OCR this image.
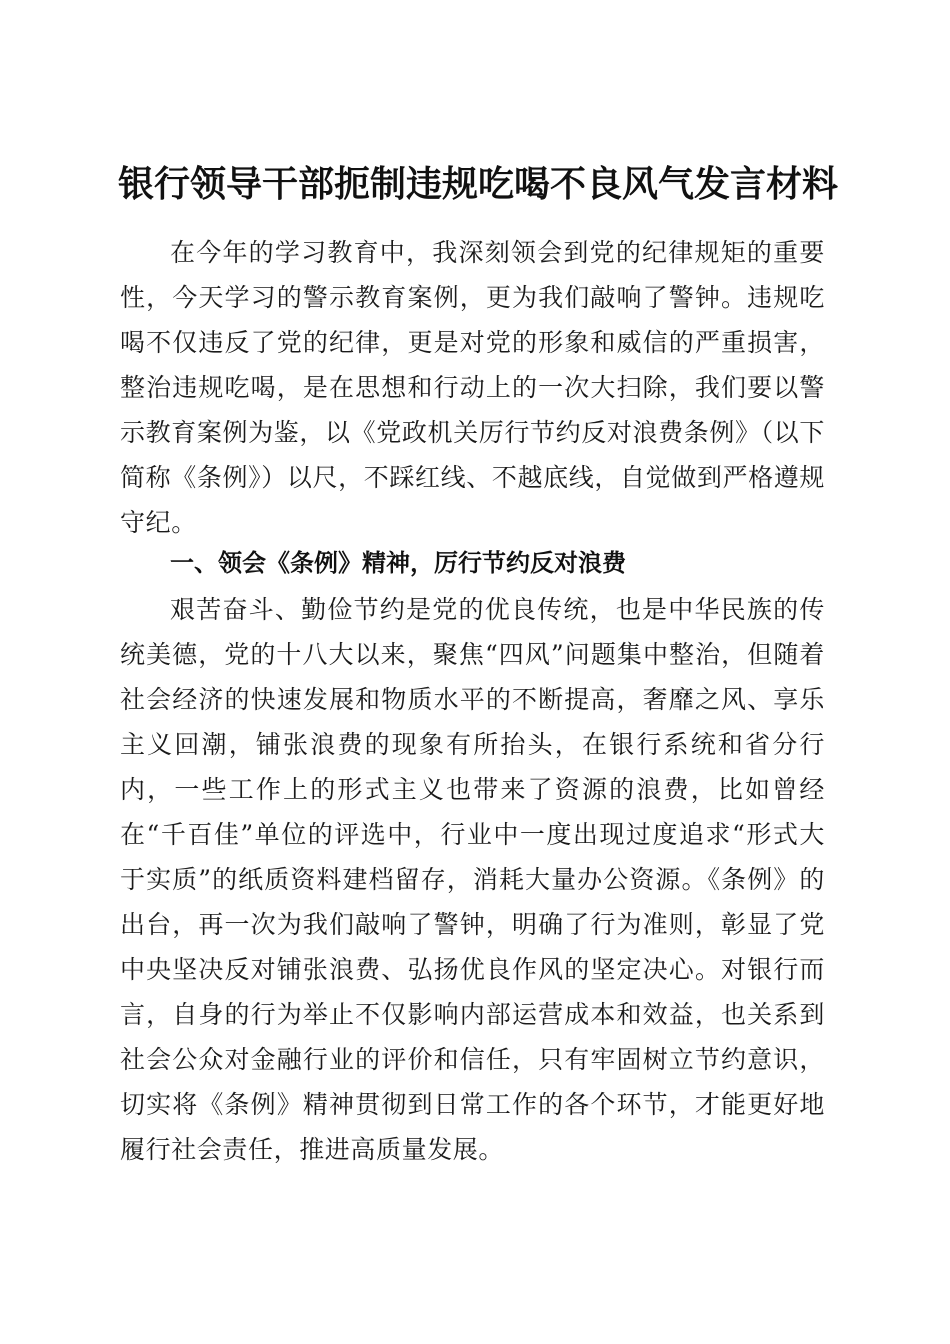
银行领导干部扼制违规吃喝不良风气发言材料

在今年的学习教育中，我深刻领会到党的纪律规矩的重要性，今天学习的警示教育案例，更为我们敲响了警钟。违规吃喝不仅违反了党的纪律，更是对党的形象和威信的严重损害，整治违规吃喝，是在思想和行动上的一次大扫除，我们要以警示教育案例为鉴，以《党政机关厉行节约反对浪费条例》（以下简称《条例》）以尺，不踩红线、不越底线，自觉做到严格遵规守纪。

一、领会《条例》精神，厉行节约反对浪费

艰苦奋斗、勤俭节约是党的优良传统，也是中华民族的传统美德，党的十八大以来，聚焦“四风”问题集中整治，但随着社会经济的快速发展和物质水平的不断提高，奢靡之风、享乐主义回潮，铺张浪费的现象有所抬头，在银行系统和省分行内，一些工作上的形式主义也带来了资源的浪费，比如曾经在“千百佳”单位的评选中，行业中一度出现过度追求“形式大于实质”的纸质资料建档留存，消耗大量办公资源。《条例》的出台，再一次为我们敲响了警钟，明确了行为准则，彰显了党中央坚决反对铺张浪费、弘扬优良作风的坚定决心。对银行而言，自身的行为举止不仅影响内部运营成本和效益，也关系到社会公众对金融行业的评价和信任，只有牢固树立节约意识，切实将《条例》精神贯彻到日常工作的各个环节，才能更好地履行社会责任，推进高质量发展。
